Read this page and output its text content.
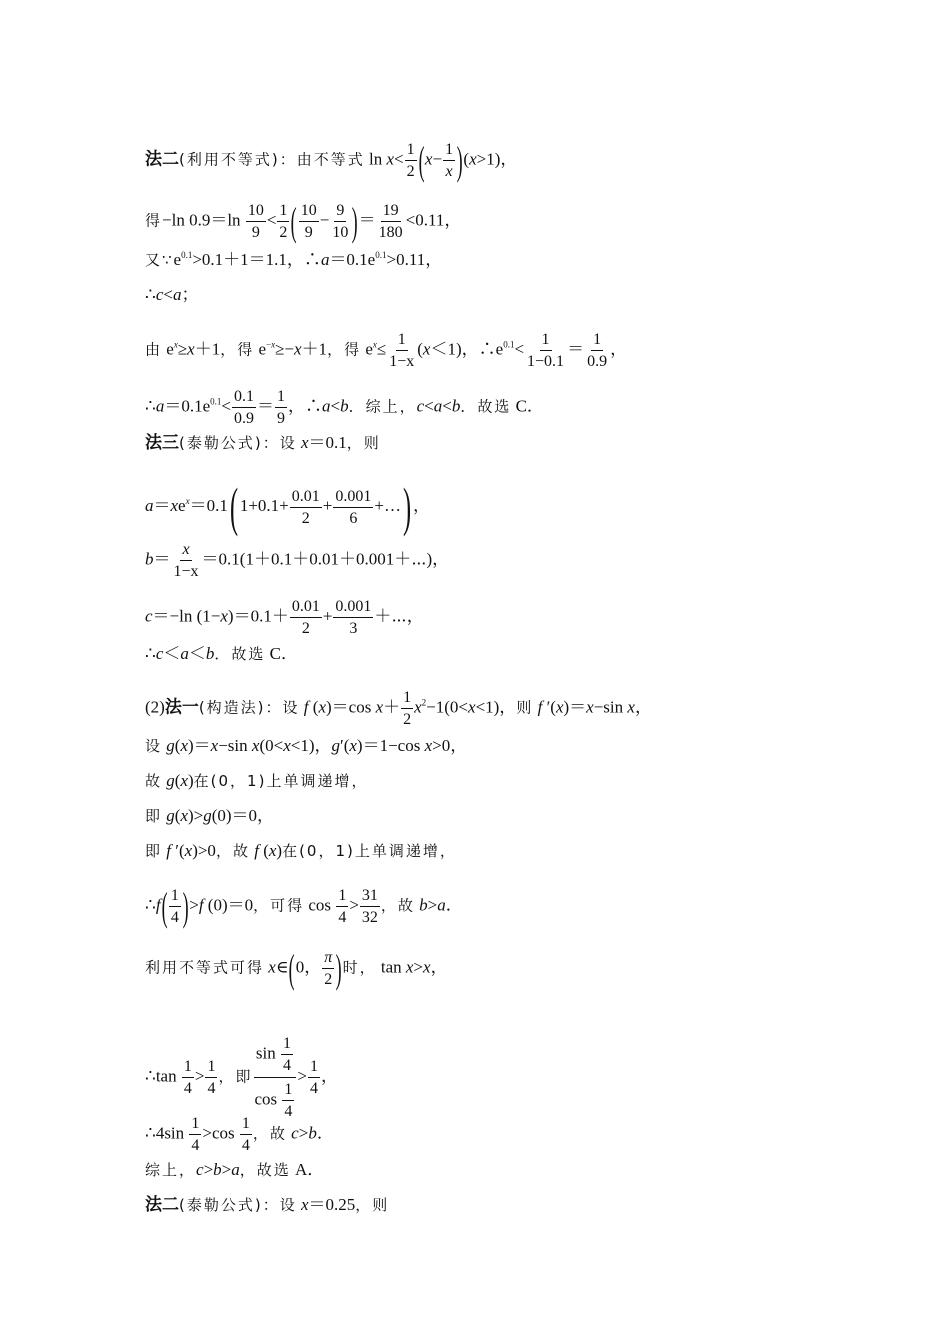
法二(利用不等式)：由不等式 $\ln x< \frac{1}{2} (x- \frac{1}{x} )(x>1)$，
得−ln $0.9=\ln \frac{10}{9} < \frac{1}{2}$ ( $\frac{10}{9} - \frac{9}{10}$ )＝ $\frac{19}{180} <0.11$，
又$\because e^{0.1}>0.1+1=1.1$，$\therefore a=0.1e^{0.1}>0.11$，
∴c<a；
由 $e^x\ge x+1$，得 $e^{-x}\ge-x+1$，得 $e^x\le \frac{1}{1-x} (x<1)$，$\therefore e^{0.1}< \frac{1}{1-0.1} = \frac{1}{0.9}$ ，
$\therefore a=0.1e^{0.1}< \frac{0.1}{0.9} = \frac{1}{9}$ ，∴a<b．综上，c<a<b．故选 C．
法三(泰勒公式)：设 x＝0.1，则
$a=xe^x=0.1$( $1+0.1+ \frac{0.01}{2} + \frac{0.001}{6}$ +…) ，
$b= \frac{x}{1-x}$ ＝0.1(1＋0.1＋0.01＋0.001＋⋯)，
c＝−ln $(1-x)=0.1+ \frac{0.01}{2} + \frac{0.001}{3}$ ＋⋯，
∴c＜a＜b．故选 C．
(2)法一(构造法)：设 f (x)＝cos $x+ \frac{1}{2} x^2-1(0<x<1)$，则 f ′(x)＝x−sin x，
设 g(x)＝x−sin x(0<x<1)，g′(x)＝1−cos x>0，
故 g(x)在(0，1)上单调递增，
即 g(x)>g(0)＝0，
即 f ′(x)>0，故 f (x)在(0，1)上单调递增，
∴f( $\frac{1}{4} )>f$ (0)＝0，可得 $\cos \frac{1}{4} > \frac{31}{32}$ ，故 b>a．
利用不等式可得 x∈(0， $\frac{\pi}{2}$ )时， tan x>x，
∴tan $\frac{1}{4} > \frac{1}{4}$ ，即 $\frac{\sin \frac{1}{4}}{\cos \frac{1}{4}} > \frac{1}{4}$ ，
∴4sin $\frac{1}{4} >\cos \frac{1}{4}$ ，故 c>b．
综上，c>b>a，故选 A．
法二(泰勒公式)：设 x＝0.25，则
